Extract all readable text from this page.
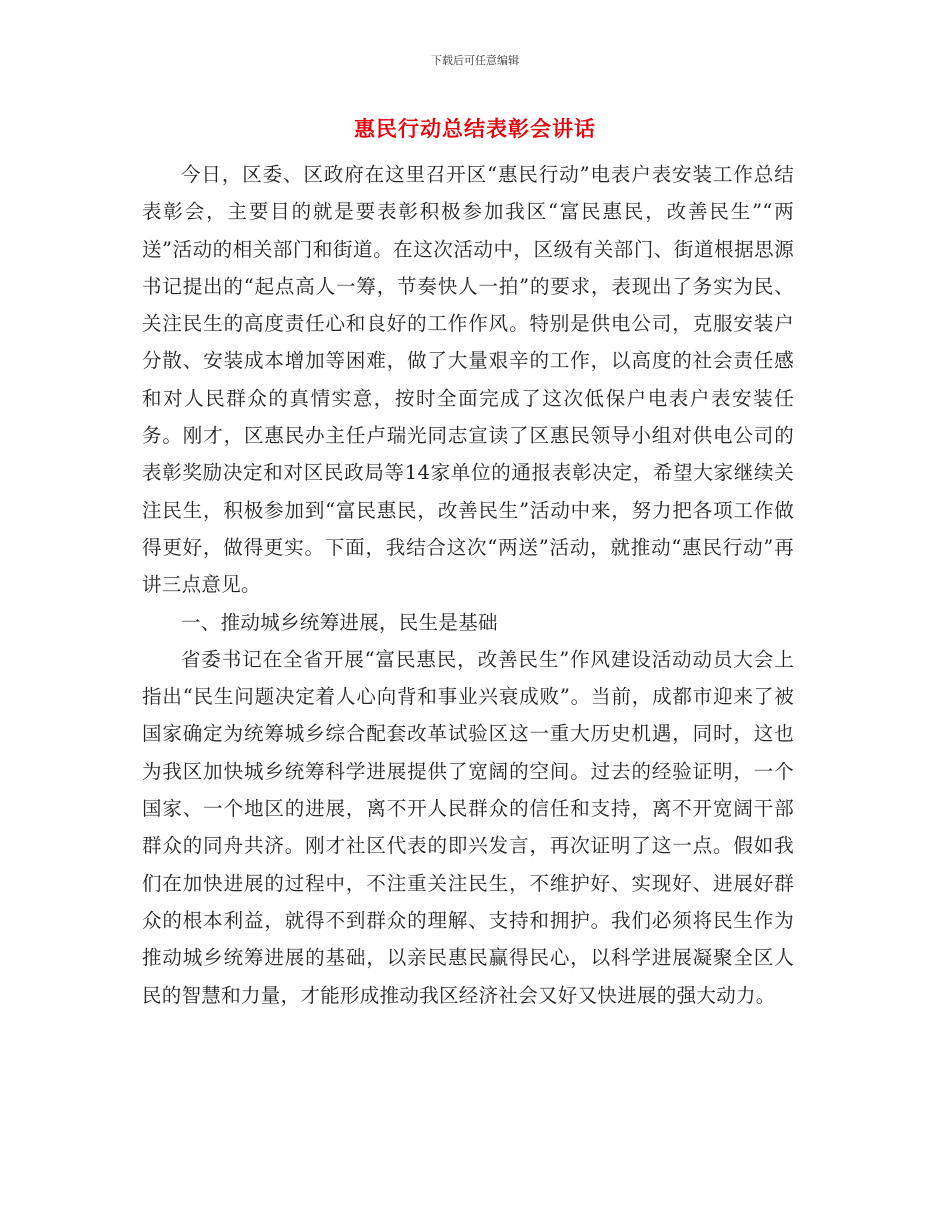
下载后可任意编辑
惠民行动总结表彰会讲话

今日，区委、区政府在这里召开区“惠民行动”电表户表安装工作总结表彰会，主要目的就是要表彰积极参加我区“富民惠民，改善民生”“两送”活动的相关部门和街道。在这次活动中，区级有关部门、街道根据思源书记提出的“起点高人一筹，节奏快人一拍”的要求，表现出了务实为民、关注民生的高度责任心和良好的工作作风。特别是供电公司，克服安装户分散、安装成本增加等困难，做了大量艰辛的工作，以高度的社会责任感和对人民群众的真情实意，按时全面完成了这次低保户电表户表安装任务。刚才，区惠民办主任卢瑞光同志宣读了区惠民领导小组对供电公司的表彰奖励决定和对区民政局等14家单位的通报表彰决定，希望大家继续关注民生，积极参加到“富民惠民，改善民生”活动中来，努力把各项工作做得更好，做得更实。下面，我结合这次“两送”活动，就推动“惠民行动”再讲三点意见。

一、推动城乡统筹进展，民生是基础

省委书记在全省开展“富民惠民，改善民生”作风建设活动动员大会上指出“民生问题决定着人心向背和事业兴衰成败”。当前，成都市迎来了被国家确定为统筹城乡综合配套改革试验区这一重大历史机遇，同时，这也为我区加快城乡统筹科学进展提供了宽阔的空间。过去的经验证明，一个国家、一个地区的进展，离不开人民群众的信任和支持，离不开宽阔干部群众的同舟共济。刚才社区代表的即兴发言，再次证明了这一点。假如我们在加快进展的过程中，不注重关注民生，不维护好、实现好、进展好群众的根本利益，就得不到群众的理解、支持和拥护。我们必须将民生作为推动城乡统筹进展的基础，以亲民惠民赢得民心，以科学进展凝聚全区人民的智慧和力量，才能形成推动我区经济社会又好又快进展的强大动力。
